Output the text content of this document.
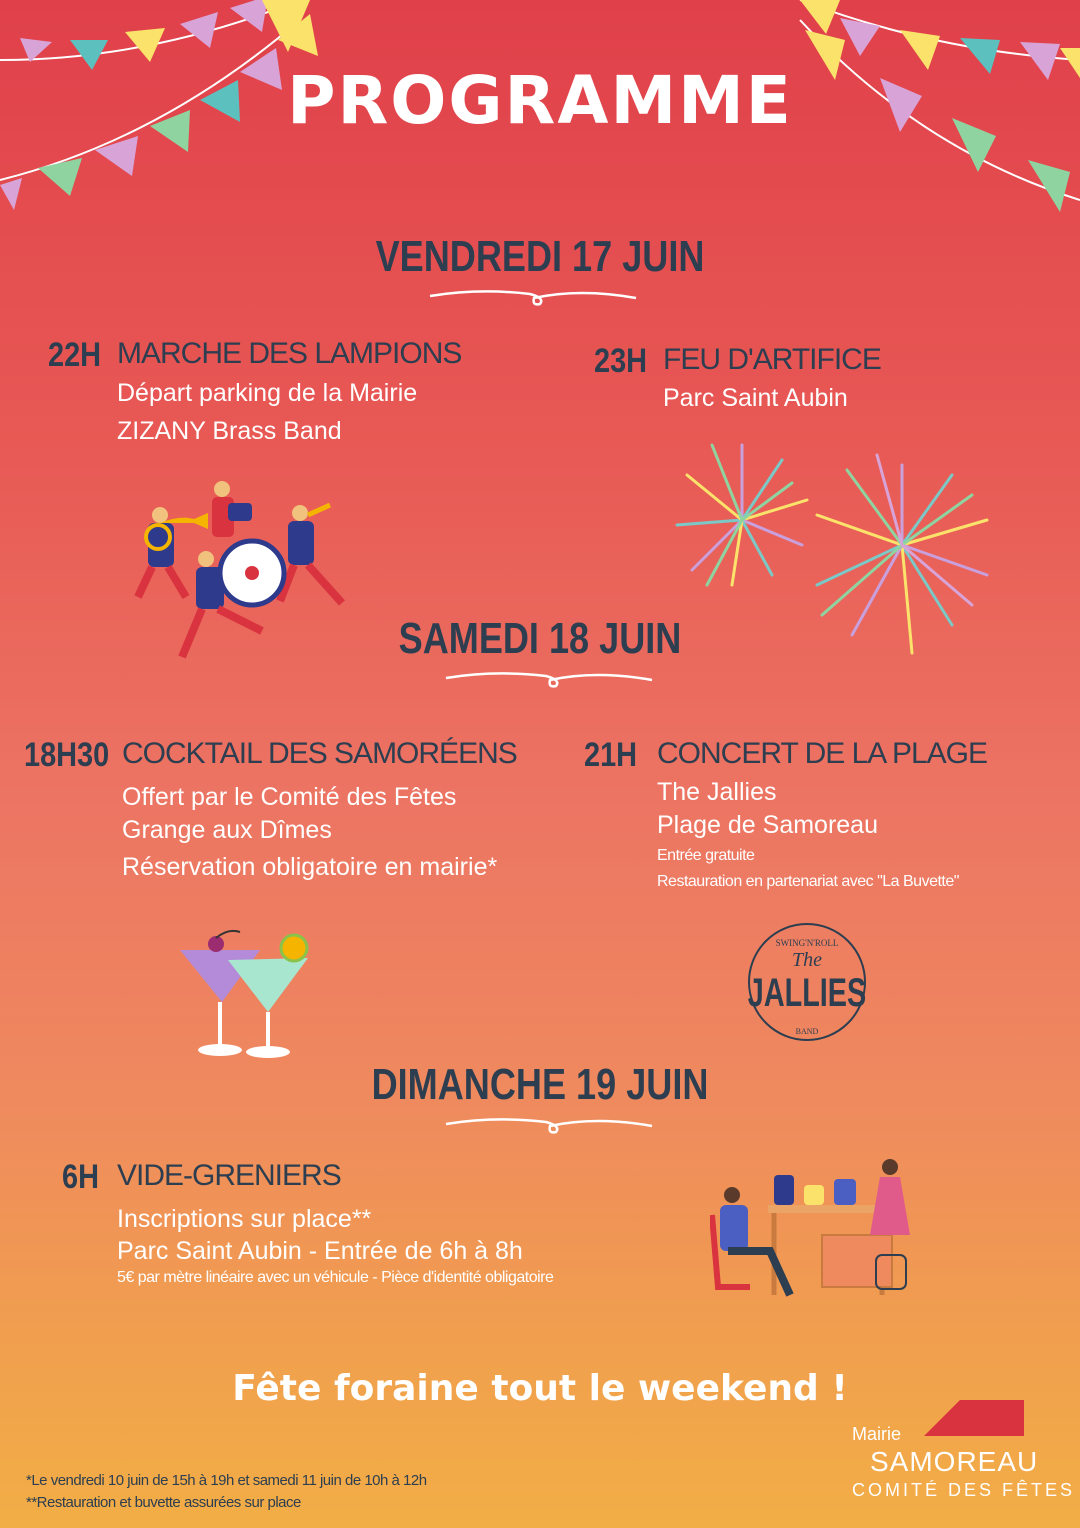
PROGRAMME
VENDREDI 17 JUIN
22H MARCHE DES LAMPIONS
Départ parking de la Mairie
ZIZANY Brass Band
23H FEU D'ARTIFICE
Parc Saint Aubin
SAMEDI 18 JUIN
18H30 COCKTAIL DES SAMORÉENS
Offert par le Comité des Fêtes
Grange aux Dîmes
Réservation obligatoire en mairie*
21H CONCERT DE LA PLAGE
The Jallies
Plage de Samoreau
Entrée gratuite
Restauration en partenariat avec "La Buvette"
SWING'N'ROLL
The
JALLIES
BAND
DIMANCHE 19 JUIN
6H VIDE-GRENIERS
Inscriptions sur place**
Parc Saint Aubin - Entrée de 6h à 8h
5€ par mètre linéaire avec un véhicule - Pièce d'identité obligatoire
Fête foraine tout le weekend !
*Le vendredi 10 juin de 15h à 19h et samedi 11 juin de 10h à 12h
**Restauration et buvette assurées sur place
Mairie
SAMOREAU
COMITÉ DES FÊTES
